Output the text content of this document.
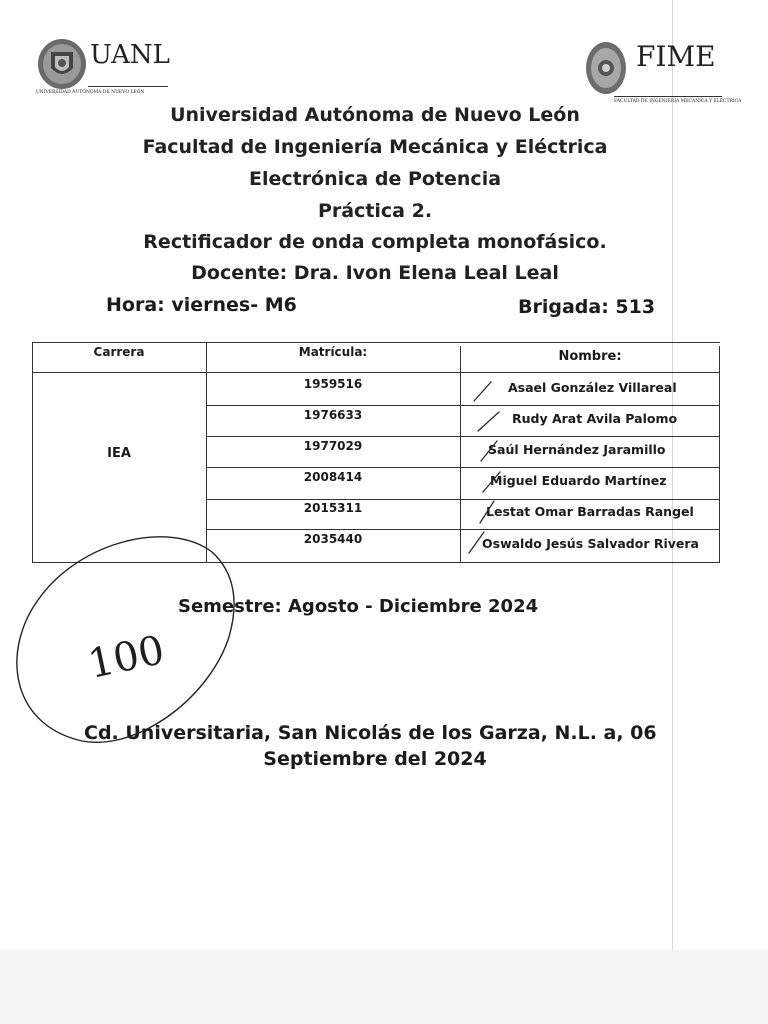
UANL
UNIVERSIDAD AUTÓNOMA DE NUEVO LEÓN
FIME
FACULTAD DE INGENIERÍA MECÁNICA Y ELÉCTRICA
Universidad Autónoma de Nuevo León
Facultad de Ingeniería Mecánica y Eléctrica
Electrónica de Potencia
Práctica 2.
Rectificador de onda completa monofásico.
Docente: Dra. Ivon Elena Leal Leal
Hora: viernes- M6	Brigada: 513
Carrera	Matrícula:	Nombre:
IEA
1959516	Asael González Villareal
1976633	Rudy Arat Avila Palomo
1977029	Saúl Hernández Jaramillo
2008414	Miguel Eduardo Martínez
2015311	Lestat Omar Barradas Rangel
2035440	Oswaldo Jesús Salvador Rivera
Semestre: Agosto - Diciembre 2024
Cd. Universitaria, San Nicolás de los Garza, N.L. a, 06
Septiembre del 2024
100
